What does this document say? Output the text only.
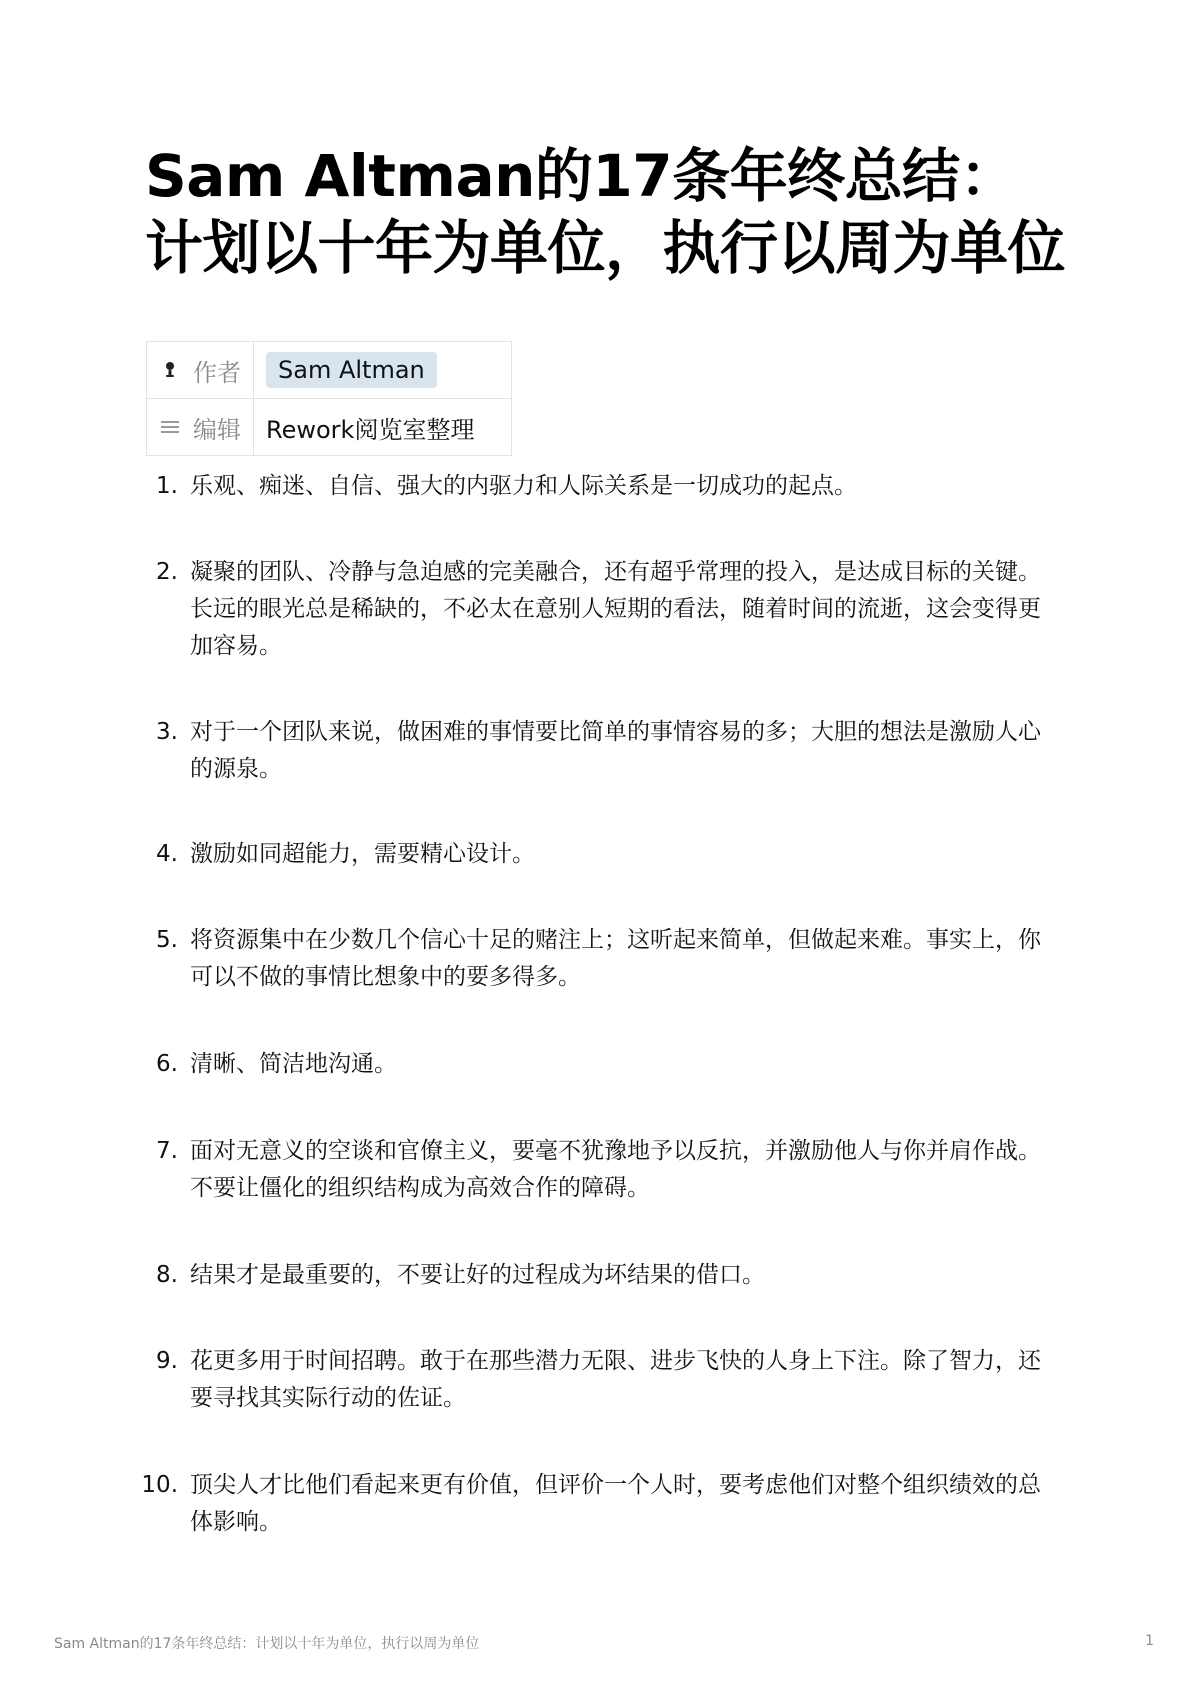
Sam Altman的17条年终总结：计划以十年为单位，执行以周为单位
作者	Sam Altman

编辑	Rework阅览室整理
1. 乐观、痴迷、自信、强大的内驱力和人际关系是一切成功的起点。
2. 凝聚的团队、冷静与急迫感的完美融合，还有超乎常理的投入，是达成目标的关键。长远的眼光总是稀缺的，不必太在意别人短期的看法，随着时间的流逝，这会变得更加容易。
3. 对于一个团队来说，做困难的事情要比简单的事情容易的多；大胆的想法是激励人心的源泉。
4. 激励如同超能力，需要精心设计。
5. 将资源集中在少数几个信心十足的赌注上；这听起来简单，但做起来难。事实上，你可以不做的事情比想象中的要多得多。
6. 清晰、简洁地沟通。
7. 面对无意义的空谈和官僚主义，要毫不犹豫地予以反抗，并激励他人与你并肩作战。不要让僵化的组织结构成为高效合作的障碍。
8. 结果才是最重要的，不要让好的过程成为坏结果的借口。
9. 花更多用于时间招聘。敢于在那些潜力无限、进步飞快的人身上下注。除了智力，还要寻找其实际行动的佐证。
10. 顶尖人才比他们看起来更有价值，但评价一个人时，要考虑他们对整个组织绩效的总体影响。
Sam Altman的17条年终总结：计划以十年为单位，执行以周为单位	1
